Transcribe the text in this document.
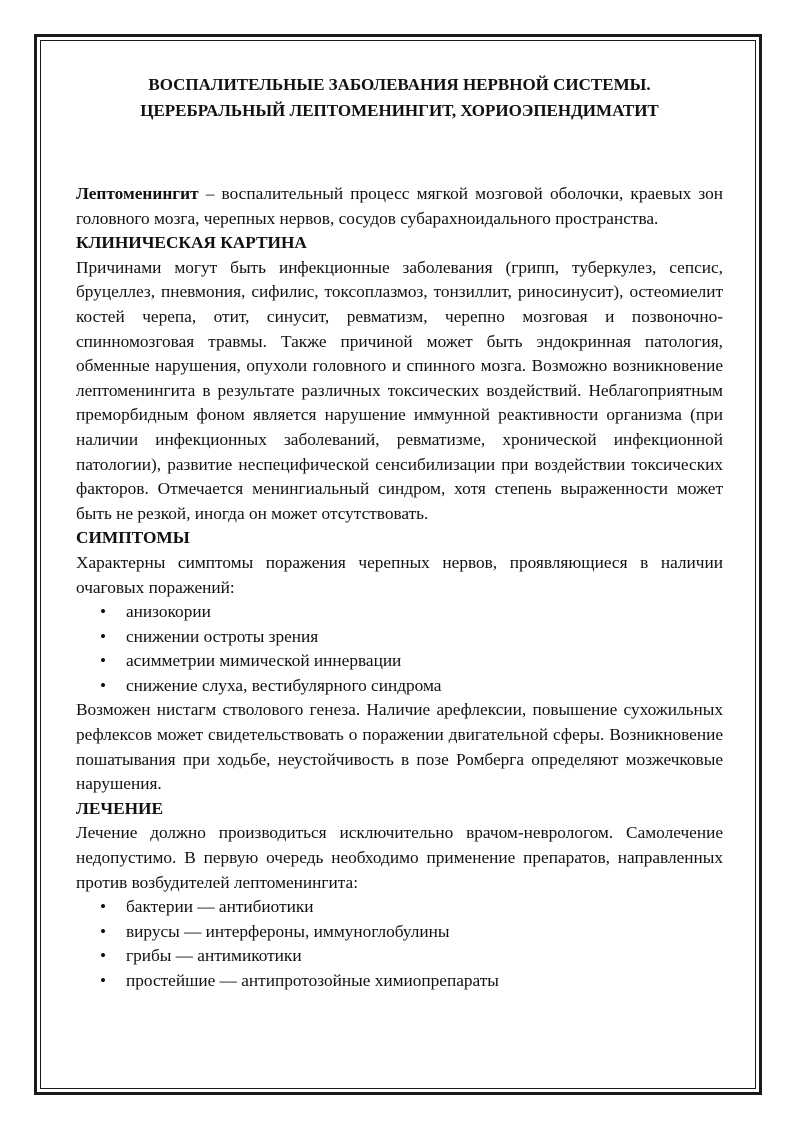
ВОСПАЛИТЕЛЬНЫЕ ЗАБОЛЕВАНИЯ НЕРВНОЙ СИСТЕМЫ.
ЦЕРЕБРАЛЬНЫЙ ЛЕПТОМЕНИНГИТ, ХОРИОЭПЕНДИМАТИТ

Лептоменингит – воспалительный процесс мягкой мозговой оболочки, краевых зон головного мозга, черепных нервов, сосудов субарахноидального пространства.

КЛИНИЧЕСКАЯ КАРТИНА

Причинами могут быть инфекционные заболевания (грипп, туберкулез, сепсис, бруцеллез, пневмония, сифилис, токсоплазмоз, тонзиллит, риносинусит), остеомиелит костей черепа, отит, синусит, ревматизм, черепно мозговая и позвоночно-спинномозговая травмы. Также причиной может быть эндокринная патология, обменные нарушения, опухоли головного и спинного мозга. Возможно возникновение лептоменингита в результате различных токсических воздействий. Неблагоприятным преморбидным фоном является нарушение иммунной реактивности организма (при наличии инфекционных заболеваний, ревматизме, хронической инфекционной патологии), развитие неспецифической сенсибилизации при воздействии токсических факторов. Отмечается менингиальный синдром, хотя степень выраженности может быть не резкой, иногда он может отсутствовать.

СИМПТОМЫ

Характерны симптомы поражения черепных нервов, проявляющиеся в наличии очаговых поражений:

• анизокории
• снижении остроты зрения
• асимметрии мимической иннервации
• снижение слуха, вестибулярного синдрома

Возможен нистагм стволового генеза. Наличие арефлексии, повышение сухожильных рефлексов может свидетельствовать о поражении двигательной сферы. Возникновение пошатывания при ходьбе, неустойчивость в позе Ромберга определяют мозжечковые нарушения.

ЛЕЧЕНИЕ

Лечение должно производиться исключительно врачом-неврологом. Самолечение недопустимо. В первую очередь необходимо применение препаратов, направленных против возбудителей лептоменингита:

• бактерии — антибиотики
• вирусы — интерфероны, иммуноглобулины
• грибы — антимикотики
• простейшие — антипротозойные химиопрепараты
